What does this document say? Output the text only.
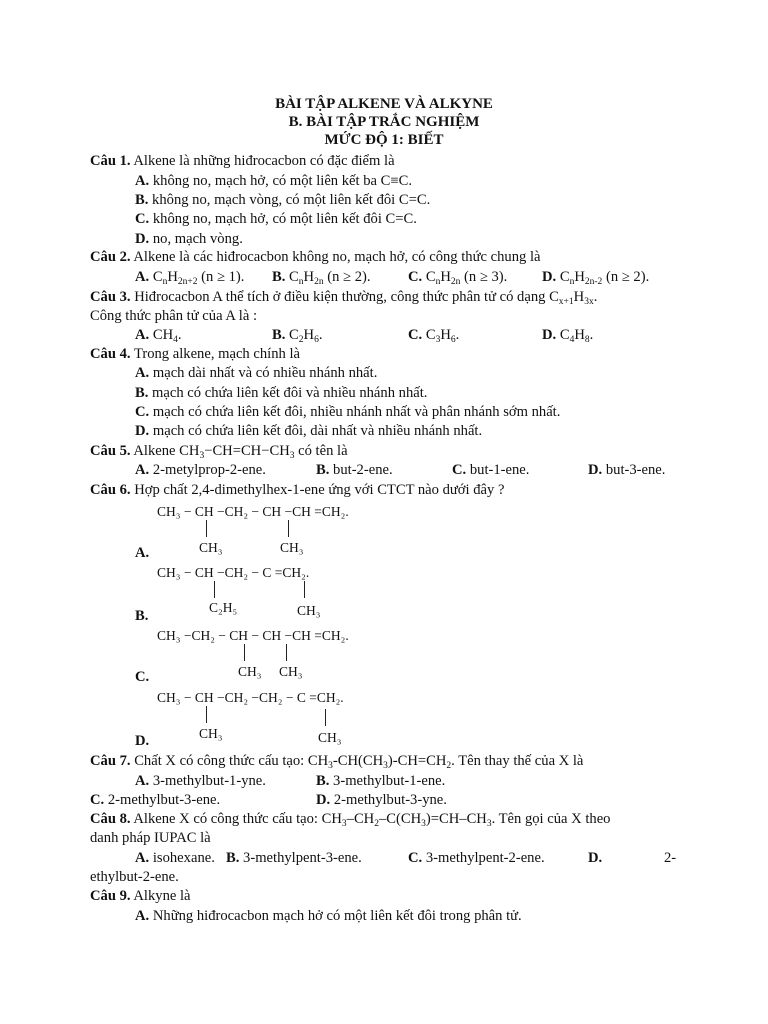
BÀI TẬP ALKENE VÀ ALKYNE
B. BÀI TẬP TRẮC NGHIỆM
MỨC ĐỘ 1: BIẾT
Câu 1. Alkene là những hiđrocacbon có đặc điểm là
A. không no, mạch hở, có một liên kết ba C≡C.
B. không no, mạch vòng, có một liên kết đôi C=C.
C. không no, mạch hở, có một liên kết đôi C=C.
D. no, mạch vòng.
Câu 2. Alkene là các hiđrocacbon không no, mạch hở, có công thức chung là
A. $C_nH_{2n+2}$ (n ≥ 1). B. $C_nH_{2n}$ (n ≥ 2).	C. $C_nH_{2n}$ (n ≥ 3). D. $C_nH_{2n-2}$ (n ≥ 2).
Câu 3. Hiđrocacbon A thể tích ở điều kiện thường, công thức phân tử có dạng $C_{x+1}H_{3x}$.
Công thức phân tử của A là :
A. $CH_4$.	B. $C_2H_6$.	C. $C_3H_6$.	D. $C_4H_8$.
Câu 4. Trong alkene, mạch chính là
A. mạch dài nhất và có nhiều nhánh nhất.
B. mạch có chứa liên kết đôi và nhiều nhánh nhất.
C. mạch có chứa liên kết đôi, nhiều nhánh nhất và phân nhánh sớm nhất.
D. mạch có chứa liên kết đôi, dài nhất và nhiều nhánh nhất.
Câu 5. Alkene $CH_3-CH=CH-CH_3$ có tên là
A. 2-metylprop-2-ene.	B. but-2-ene.	C. but-1-ene.	D. but-3-ene.
Câu 6. Hợp chất 2,4-dimethylhex-1-ene ứng với CTCT nào dưới đây ?
CH₃ − CH −CH₂ − CH −CH =CH₂.
CH₃	CH₃
A.
CH₃ − CH −CH₂ − C =CH₂.
C₂H₅	CH₃
B.
CH₃ −CH₂ − CH − CH −CH =CH₂.
CH₃ CH₃
C.
CH₃ − CH −CH₂ −CH₂ − C =CH₂.
CH₃	CH₃
D.
Câu 7. Chất X có công thức cấu tạo: $CH_3-CH(CH_3)-CH=CH_2$. Tên thay thế của X là
A. 3-methylbut-1-yne.	B. 3-methylbut-1-ene.
C. 2-methylbut-3-ene.	D. 2-methylbut-3-yne.
Câu 8. Alkene X có công thức cấu tạo: $CH_3-CH_2-C(CH_3)=CH-CH_3$. Tên gọi của X theo
danh pháp IUPAC là
A. isohexane. B. 3-methylpent-3-ene.	C. 3-methylpent-2-ene.	D.	2-
ethylbut-2-ene.
Câu 9. Alkyne là
A. Những hiđrocacbon mạch hở có một liên kết đôi trong phân tử.
